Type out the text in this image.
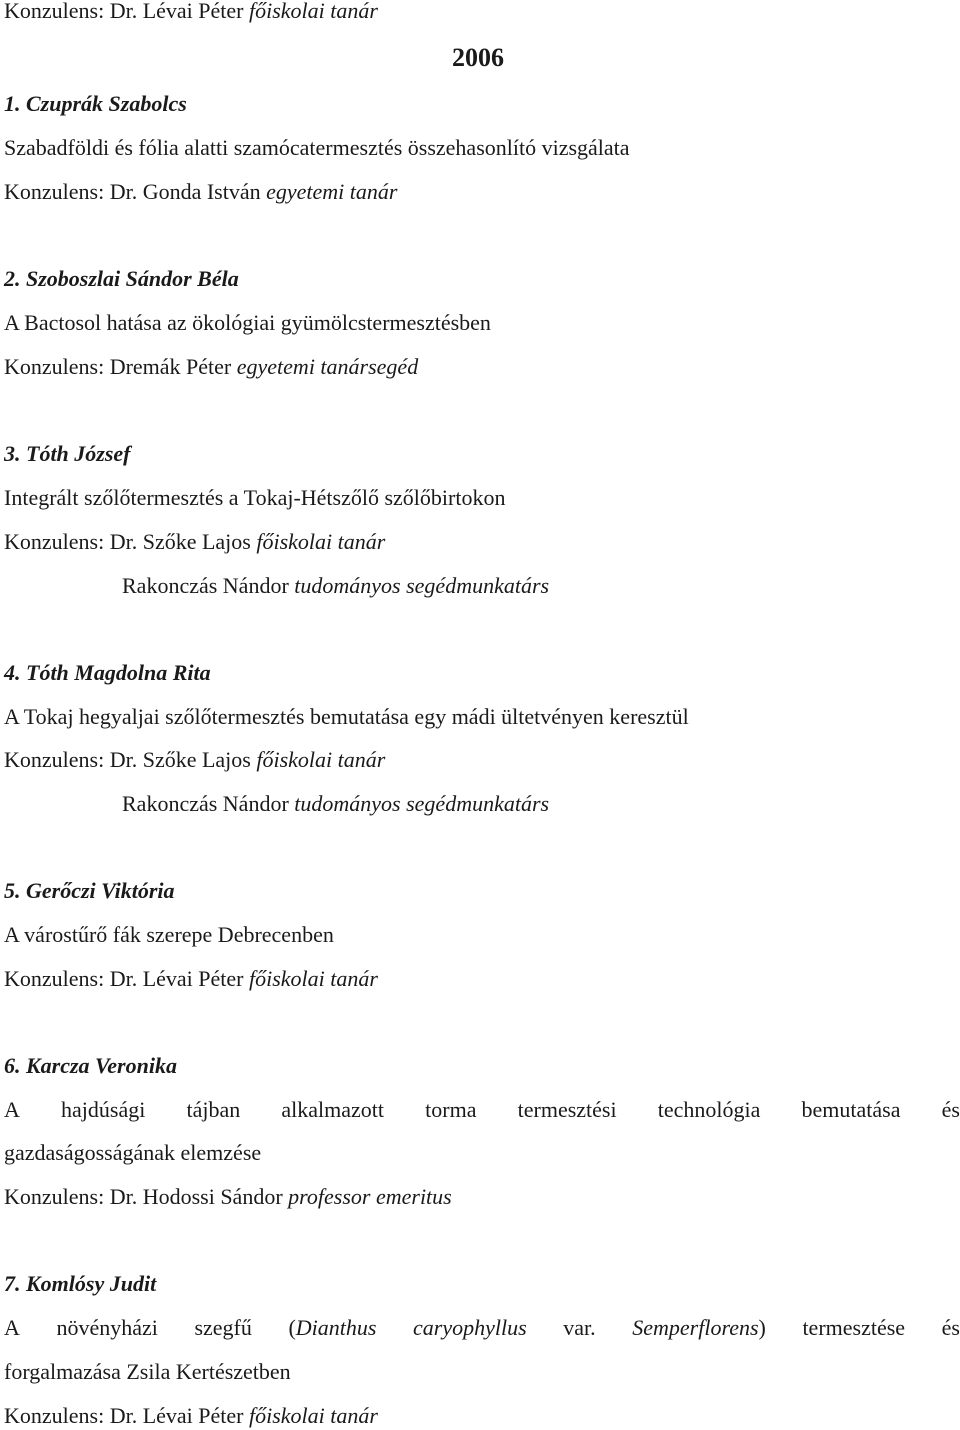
Konzulens: Dr. Lévai Péter főiskolai tanár
2006
1. Czuprák Szabolcs
Szabadföldi és fólia alatti szamócatermesztés összehasonlító vizsgálata
Konzulens: Dr. Gonda István egyetemi tanár
2. Szoboszlai Sándor Béla
A Bactosol hatása az ökológiai gyümölcstermesztésben
Konzulens: Dremák Péter egyetemi tanársegéd
3. Tóth József
Integrált szőlőtermesztés a Tokaj-Hétszőlő szőlőbirtokon
Konzulens: Dr. Szőke Lajos főiskolai tanár
Rakonczás Nándor tudományos segédmunkatárs
4. Tóth Magdolna Rita
A Tokaj hegyaljai szőlőtermesztés bemutatása egy mádi ültetvényen keresztül
Konzulens: Dr. Szőke Lajos főiskolai tanár
Rakonczás Nándor tudományos segédmunkatárs
5. Gerőczi Viktória
A várostűrő fák szerepe Debrecenben
Konzulens: Dr. Lévai Péter főiskolai tanár
6. Karcza Veronika
A hajdúsági tájban alkalmazott torma termesztési technológia bemutatása és
gazdaságosságának elemzése
Konzulens: Dr. Hodossi Sándor professor emeritus
7. Komlósy Judit
A növényházi szegfű (Dianthus caryophyllus var. Semperflorens) termesztése és
forgalmazása Zsila Kertészetben
Konzulens: Dr. Lévai Péter főiskolai tanár
